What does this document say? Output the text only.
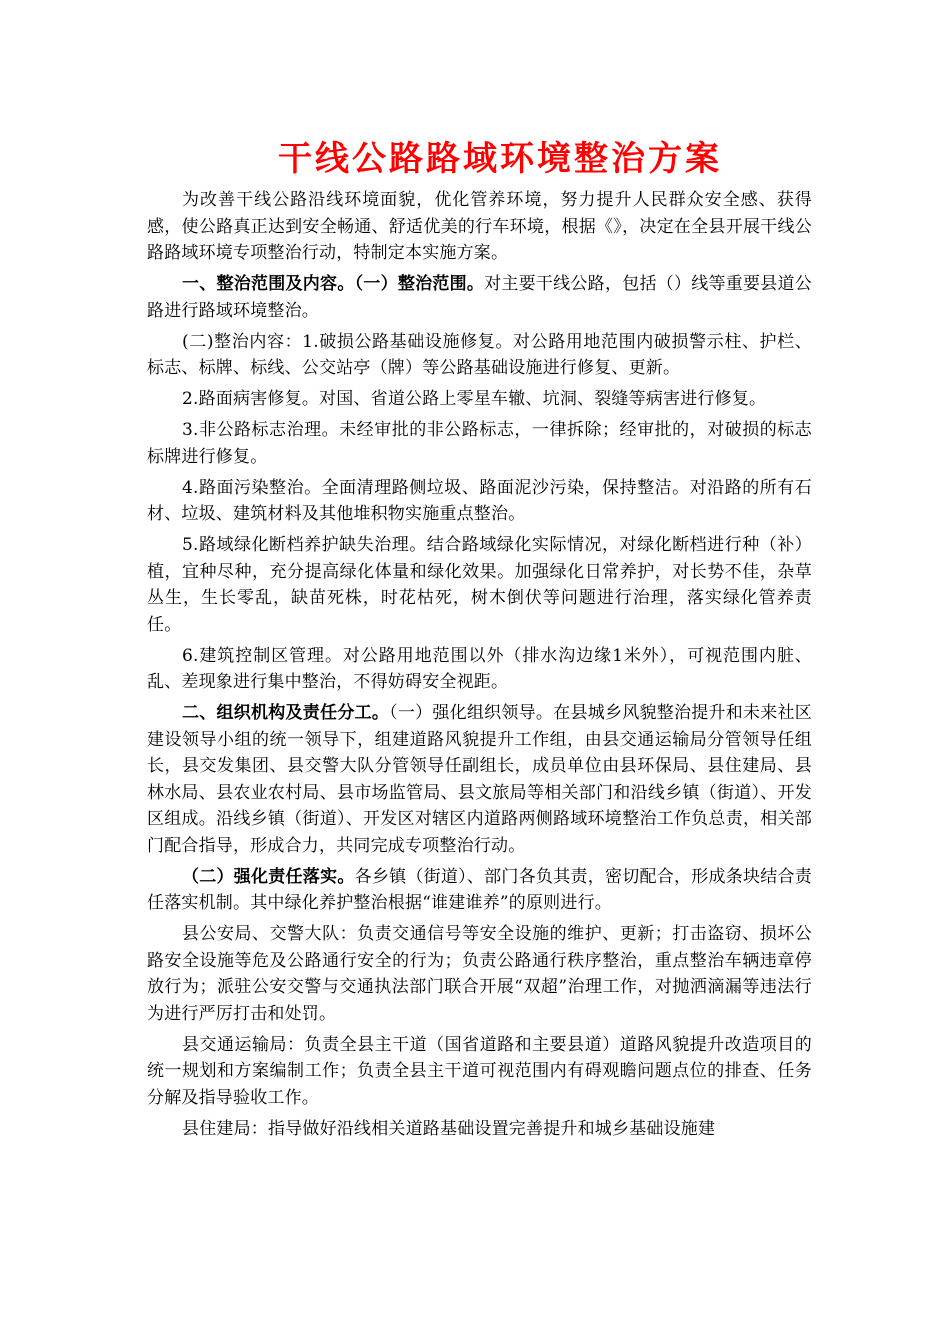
干线公路路域环境整治方案

为改善干线公路沿线环境面貌，优化管养环境，努力提升人民群众安全感、获得感，使公路真正达到安全畅通、舒适优美的行车环境，根据《》，决定在全县开展干线公路路域环境专项整治行动，特制定本实施方案。

一、整治范围及内容。（一）整治范围。对主要干线公路，包括（）线等重要县道公路进行路域环境整治。

(二)整治内容：1.破损公路基础设施修复。对公路用地范围内破损警示柱、护栏、标志、标牌、标线、公交站亭（牌）等公路基础设施进行修复、更新。

2.路面病害修复。对国、省道公路上零星车辙、坑洞、裂缝等病害进行修复。

3.非公路标志治理。未经审批的非公路标志，一律拆除；经审批的，对破损的标志标牌进行修复。

4.路面污染整治。全面清理路侧垃圾、路面泥沙污染，保持整洁。对沿路的所有石材、垃圾、建筑材料及其他堆积物实施重点整治。

5.路域绿化断档养护缺失治理。结合路域绿化实际情况，对绿化断档进行种（补）植，宜种尽种，充分提高绿化体量和绿化效果。加强绿化日常养护，对长势不佳，杂草丛生，生长零乱，缺苗死株，时花枯死，树木倒伏等问题进行治理，落实绿化管养责任。

6.建筑控制区管理。对公路用地范围以外（排水沟边缘1米外），可视范围内脏、乱、差现象进行集中整治，不得妨碍安全视距。

二、组织机构及责任分工。（一）强化组织领导。在县城乡风貌整治提升和未来社区建设领导小组的统一领导下，组建道路风貌提升工作组，由县交通运输局分管领导任组长，县交发集团、县交警大队分管领导任副组长，成员单位由县环保局、县住建局、县林水局、县农业农村局、县市场监管局、县文旅局等相关部门和沿线乡镇（街道）、开发区组成。沿线乡镇（街道）、开发区对辖区内道路两侧路域环境整治工作负总责，相关部门配合指导，形成合力，共同完成专项整治行动。

（二）强化责任落实。各乡镇（街道）、部门各负其责，密切配合，形成条块结合责任落实机制。其中绿化养护整治根据“谁建谁养”的原则进行。

县公安局、交警大队：负责交通信号等安全设施的维护、更新；打击盗窃、损坏公路安全设施等危及公路通行安全的行为；负责公路通行秩序整治，重点整治车辆违章停放行为；派驻公安交警与交通执法部门联合开展“双超”治理工作，对抛洒滴漏等违法行为进行严厉打击和处罚。

县交通运输局：负责全县主干道（国省道路和主要县道）道路风貌提升改造项目的统一规划和方案编制工作；负责全县主干道可视范围内有碍观瞻问题点位的排查、任务分解及指导验收工作。

县住建局：指导做好沿线相关道路基础设置完善提升和城乡基础设施建
